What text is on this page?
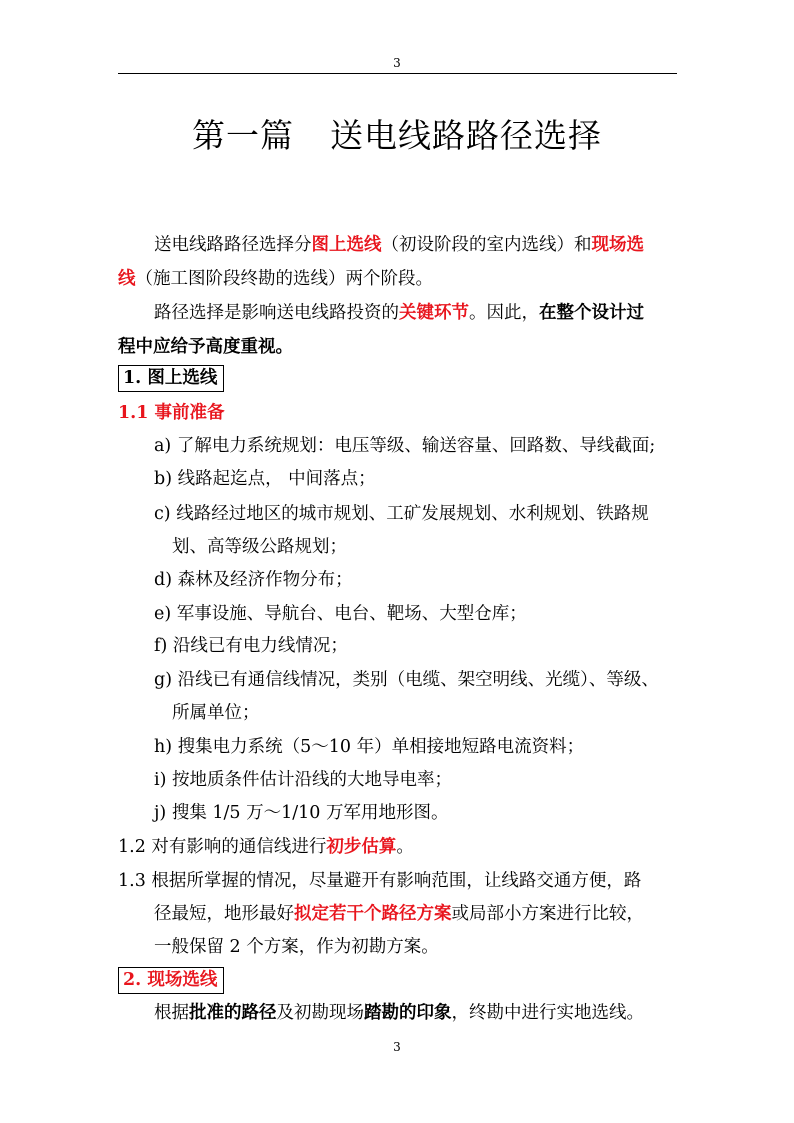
3
第一篇 送电线路路径选择
送电线路路径选择分图上选线（初设阶段的室内选线）和现场选
线（施工图阶段终勘的选线）两个阶段。
路径选择是影响送电线路投资的关键环节。因此，在整个设计过
程中应给予高度重视。
1. 图上选线
1.1 事前准备
a) 了解电力系统规划：电压等级、输送容量、回路数、导线截面;
b) 线路起迄点， 中间落点；
c) 线路经过地区的城市规划、工矿发展规划、水利规划、铁路规
划、高等级公路规划；
d) 森林及经济作物分布；
e) 军事设施、导航台、电台、靶场、大型仓库；
f) 沿线已有电力线情况；
g) 沿线已有通信线情况，类别（电缆、架空明线、光缆）、等级、
所属单位；
h) 搜集电力系统（5～10 年）单相接地短路电流资料；
i) 按地质条件估计沿线的大地导电率；
j) 搜集 1/5 万～1/10 万军用地形图。
1.2 对有影响的通信线进行初步估算。
1.3 根据所掌握的情况，尽量避开有影响范围，让线路交通方便，路
径最短，地形最好拟定若干个路径方案或局部小方案进行比较，
一般保留 2 个方案，作为初勘方案。
2. 现场选线
根据批准的路径及初勘现场踏勘的印象，终勘中进行实地选线。
3
